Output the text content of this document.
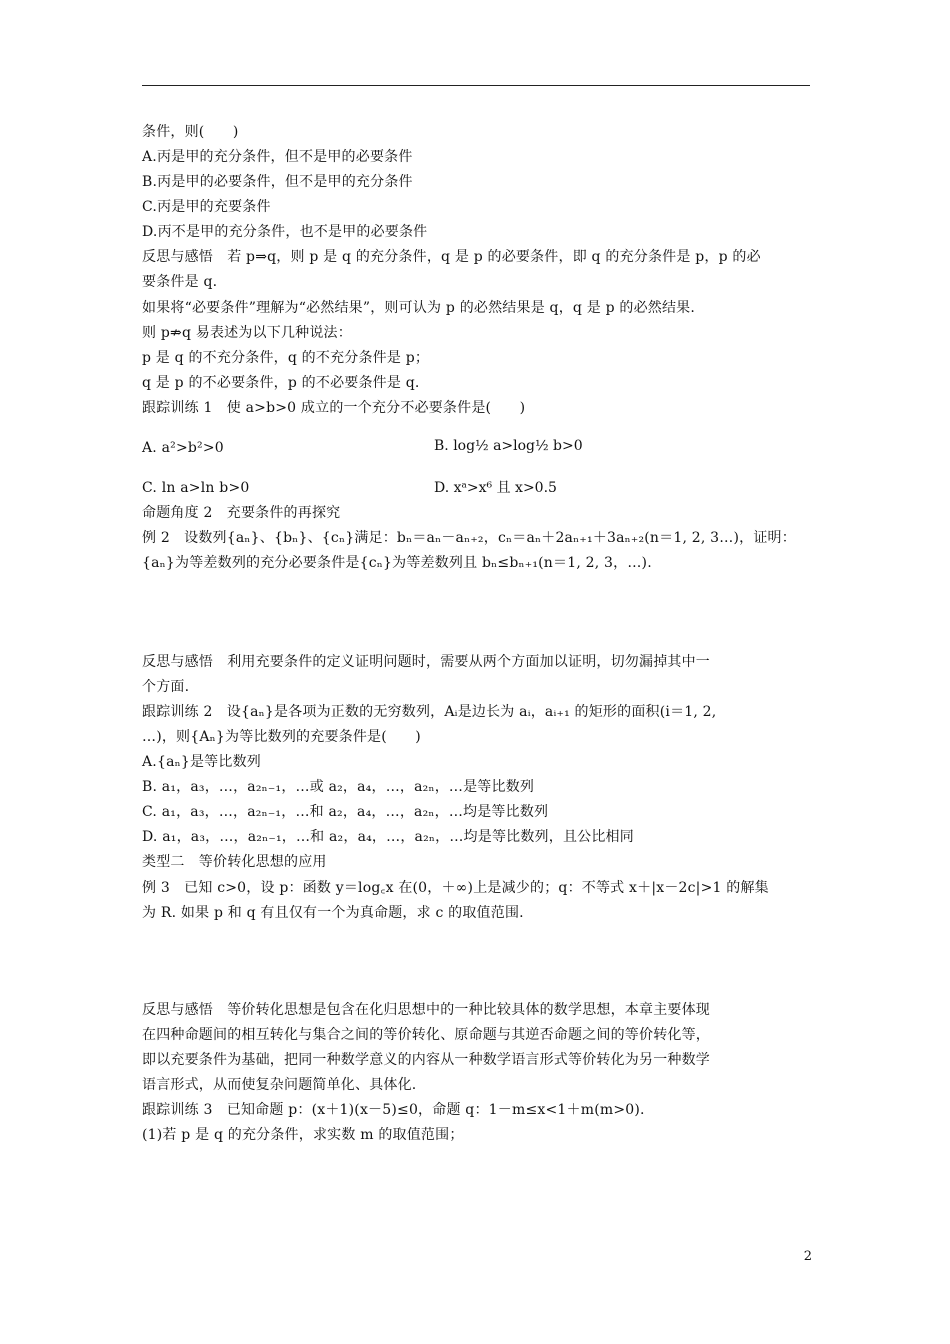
条件，则(　　)
A.丙是甲的充分条件，但不是甲的必要条件
B.丙是甲的必要条件，但不是甲的充分条件
C.丙是甲的充要条件
D.丙不是甲的充分条件，也不是甲的必要条件
反思与感悟　若 p⇒q，则 p 是 q 的充分条件，q 是 p 的必要条件，即 q 的充分条件是 p，p 的必
要条件是 q.
如果将“必要条件”理解为“必然结果”，则可认为 p 的必然结果是 q，q 是 p 的必然结果.
则 p⇏q 易表述为以下几种说法：
p 是 q 的不充分条件，q 的不充分条件是 p；
q 是 p 的不必要条件，p 的不必要条件是 q.
跟踪训练 1　使 a>b>0 成立的一个充分不必要条件是(　　)
A. a²>b²>0
C. ln a>ln b>0
命题角度 2　充要条件的再探究
例 2　设数列{aₙ}、{bₙ}、{cₙ}满足：bₙ＝aₙ－aₙ₊₂，cₙ＝aₙ＋2aₙ₊₁＋3aₙ₊₂(n＝1, 2, 3…)，证明：
{aₙ}为等差数列的充分必要条件是{cₙ}为等差数列且 bₙ≤bₙ₊₁(n＝1, 2, 3，…).
反思与感悟　利用充要条件的定义证明问题时，需要从两个方面加以证明，切勿漏掉其中一
个方面.
跟踪训练 2　设{aₙ}是各项为正数的无穷数列，Aᵢ是边长为 aᵢ，aᵢ₊₁ 的矩形的面积(i＝1, 2,
…)，则{Aₙ}为等比数列的充要条件是(　　)
A.{aₙ}是等比数列
B. a₁，a₃，…，a₂ₙ₋₁，…或 a₂，a₄，…，a₂ₙ，…是等比数列
C. a₁，a₃，…，a₂ₙ₋₁，…和 a₂，a₄，…，a₂ₙ，…均是等比数列
D. a₁，a₃，…，a₂ₙ₋₁，…和 a₂，a₄，…，a₂ₙ，…均是等比数列，且公比相同
类型二　等价转化思想的应用
例 3　已知 c>0，设 p：函数 y＝log꜀x 在(0，＋∞)上是减少的；q：不等式 x＋|x－2c|>1 的解集
为 R. 如果 p 和 q 有且仅有一个为真命题，求 c 的取值范围.
反思与感悟　等价转化思想是包含在化归思想中的一种比较具体的数学思想，本章主要体现
在四种命题间的相互转化与集合之间的等价转化、原命题与其逆否命题之间的等价转化等，
即以充要条件为基础，把同一种数学意义的内容从一种数学语言形式等价转化为另一种数学
语言形式，从而使复杂问题简单化、具体化.
跟踪训练 3　已知命题 p：(x＋1)(x－5)≤0，命题 q：1－m≤x<1＋m(m>0).
(1)若 p 是 q 的充分条件，求实数 m 的取值范围；
B. log½ a>log½ b>0
D. xᵃ>x⁶ 且 x>0.5
2
